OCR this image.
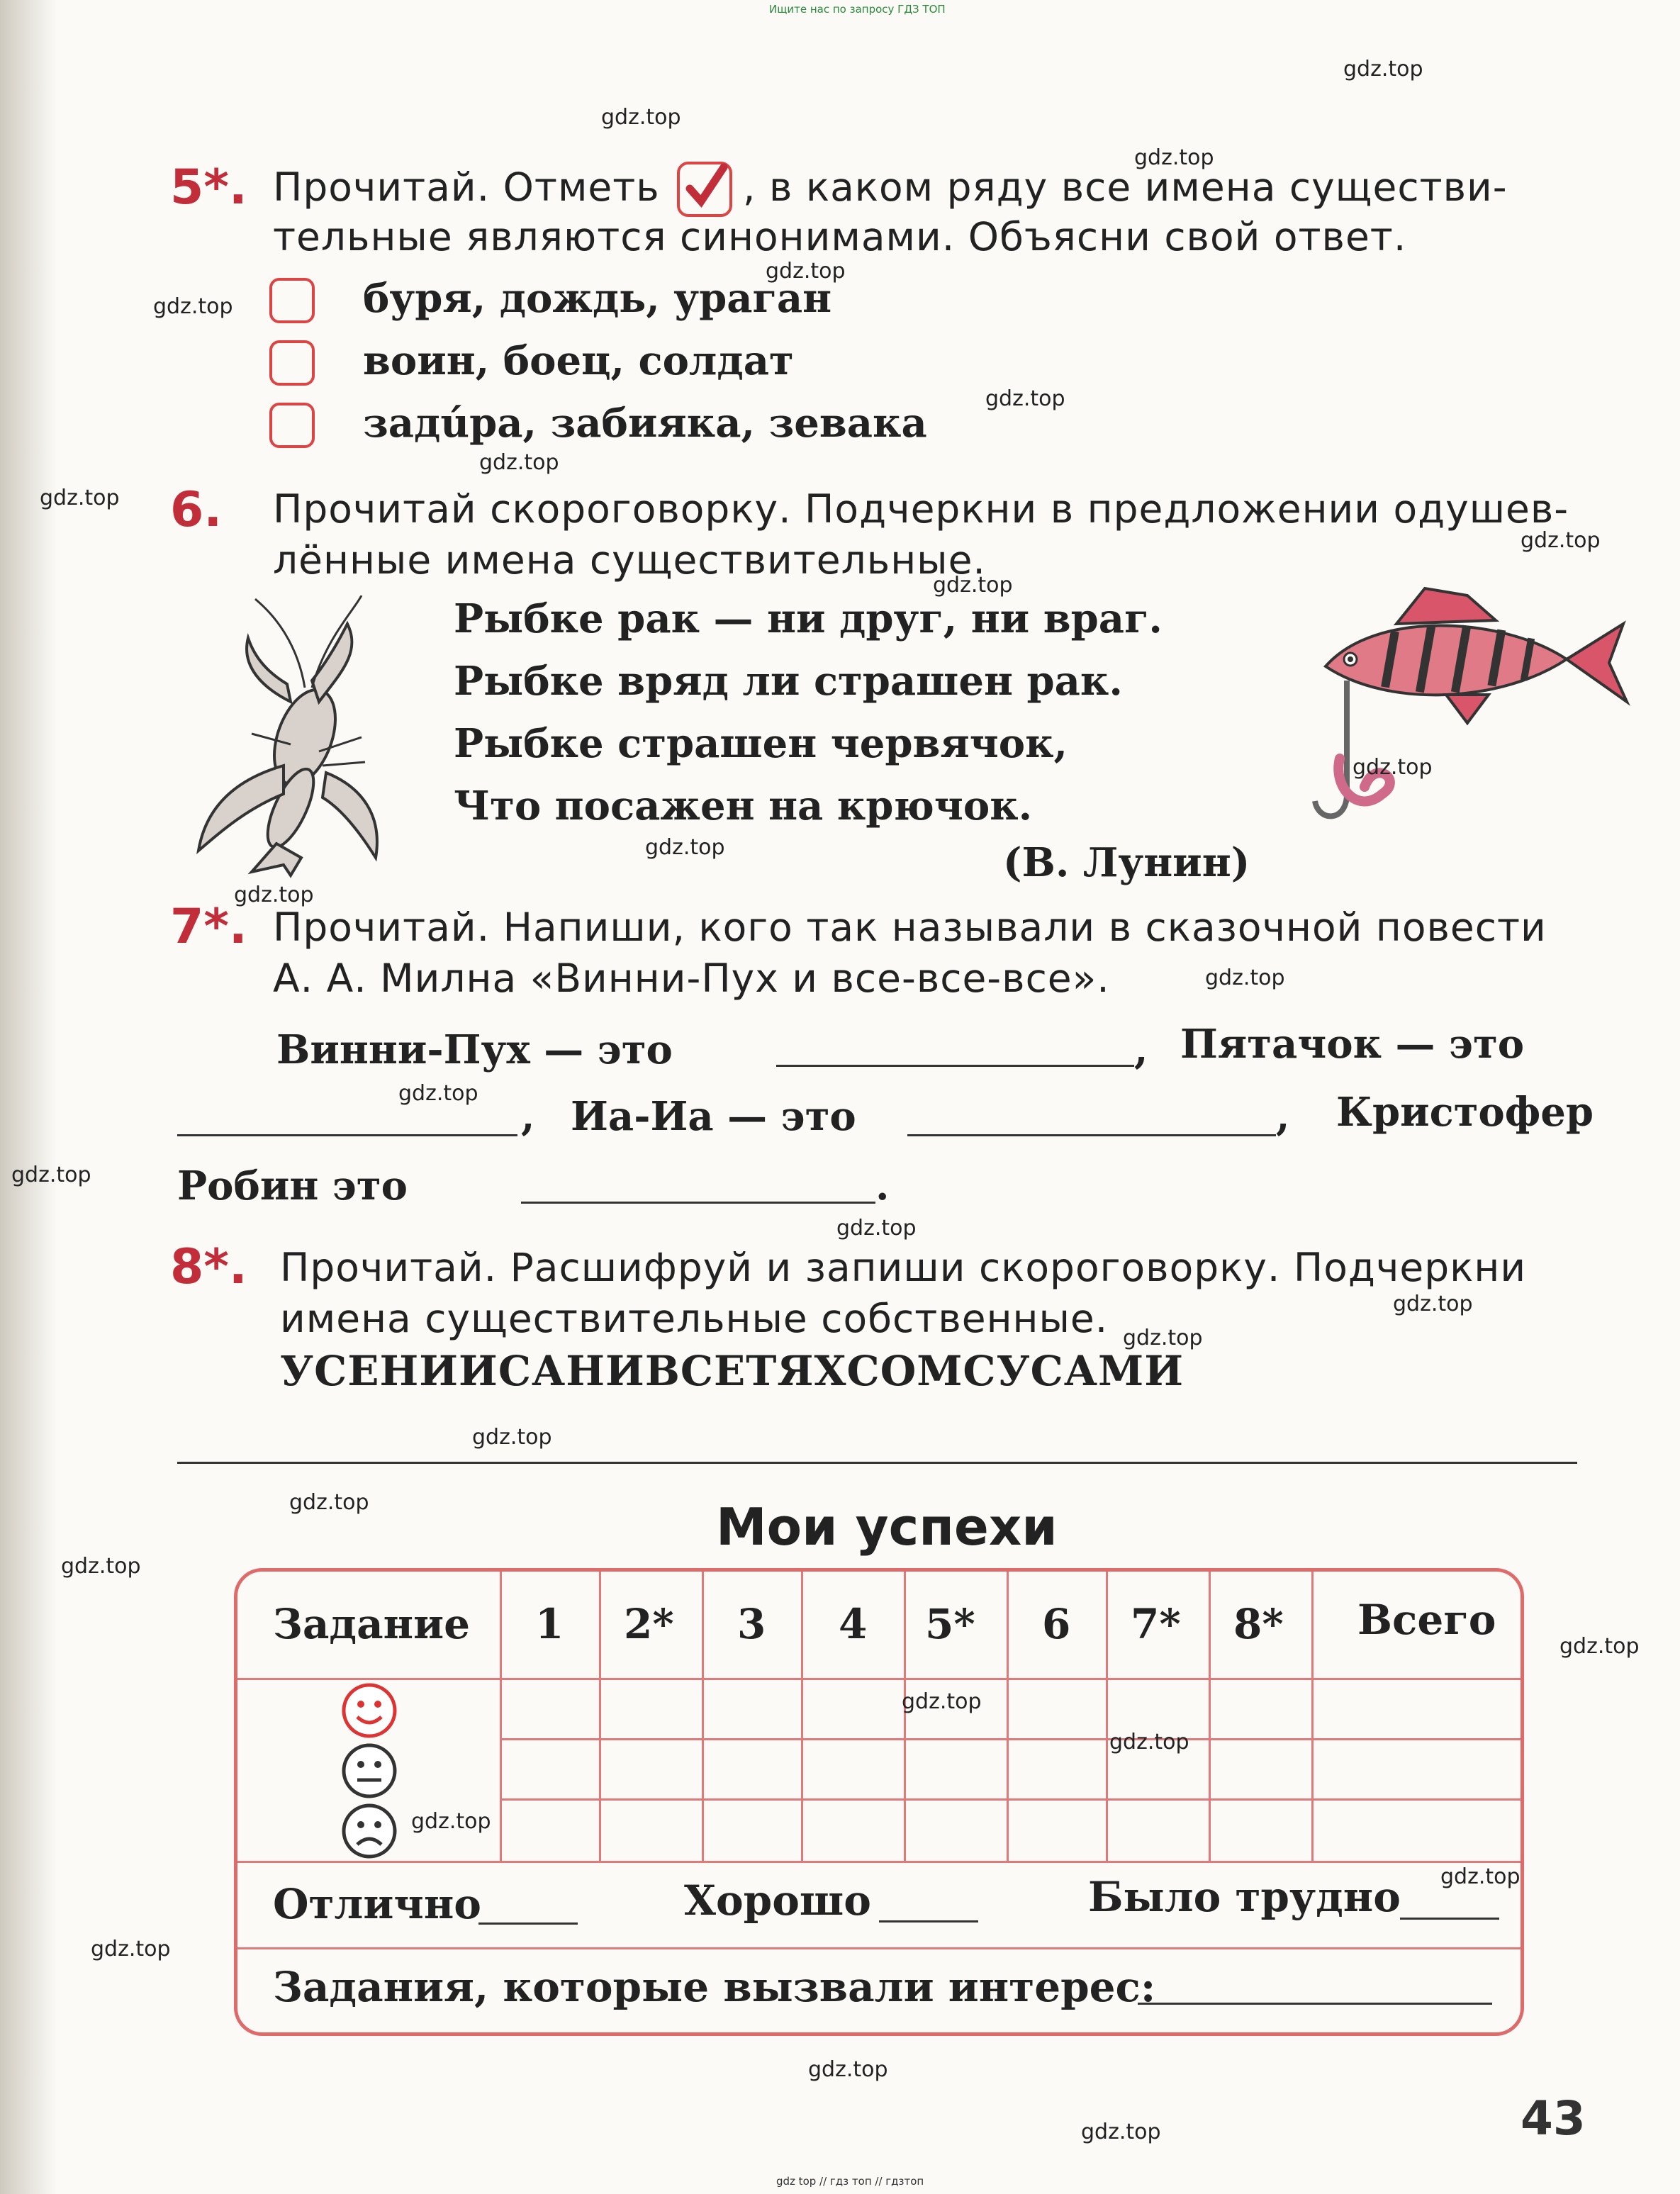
Ищите нас по запросу ГДЗ ТОП
gdz top // гдз топ // гдзтоп
5*. Прочитай. Отметь , в каком ряду все имена существи-
тельные являются синонимами. Объясни свой ответ.
буря, дождь, ураган
воин, боец, солдат
задúра, забияка, зевака
6. Прочитай скороговорку. Подчеркни в предложении одушев-
лённые имена существительные.
Рыбке рак — ни друг, ни враг.
Рыбке вряд ли страшен рак.
Рыбке страшен червячок,
Что посажен на крючок.
(В. Лунин)
7*. Прочитай. Напиши, кого так называли в сказочной повести
А. А. Милна «Винни-Пух и все-все-все».
Винни-Пух — это	, Пятачок — это
, Иа-Иа — это	, Кристофер
Робин это	.
8*. Прочитай. Расшифруй и запиши скороговорку. Подчеркни
имена существительные собственные.
УСЕНИИСАНИВСЕТЯХСОМСУСАМИ
Мои успехи
Задание 1 2* 3 4 5* 6 7* 8* Всего
Отлично	Хорошо	Было трудно
Задания, которые вызвали интерес:
43
gdz.top
gdz.top
gdz.top
gdz.top
gdz.top
gdz.top
gdz.top
gdz.top
gdz.top
gdz.top
gdz.top
gdz.top
gdz.top
gdz.top
gdz.top
gdz.top
gdz.top
gdz.top
gdz.top
gdz.top
gdz.top
gdz.top
gdz.top
gdz.top
gdz.top
gdz.top
gdz.top
gdz.top
gdz.top
gdz.top
